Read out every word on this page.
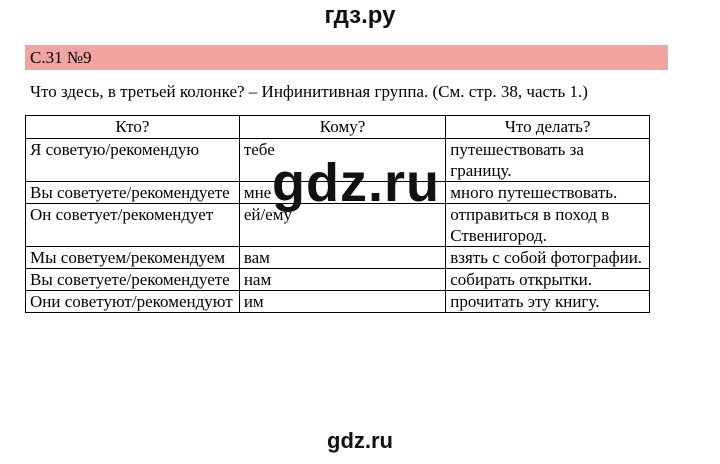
гдз.ру
С.31 №9
Что здесь, в третьей колонке? – Инфинитивная группа. (См. стр. 38, часть 1.)
Кто?	Кому?	Что делать?
Я советую/рекомендую	тебе	путешествовать за границу.
Вы советуете/рекомендуете	мне	много путешествовать.
Он советует/рекомендует	ей/ему	отправиться в поход в Ственигород.
Мы советуем/рекомендуем	вам	взять с собой фотографии.
Вы советуете/рекомендуете	нам	собирать открытки.
Они советуют/рекомендуют	им	прочитать эту книгу.
gdz.ru
gdz.ru
